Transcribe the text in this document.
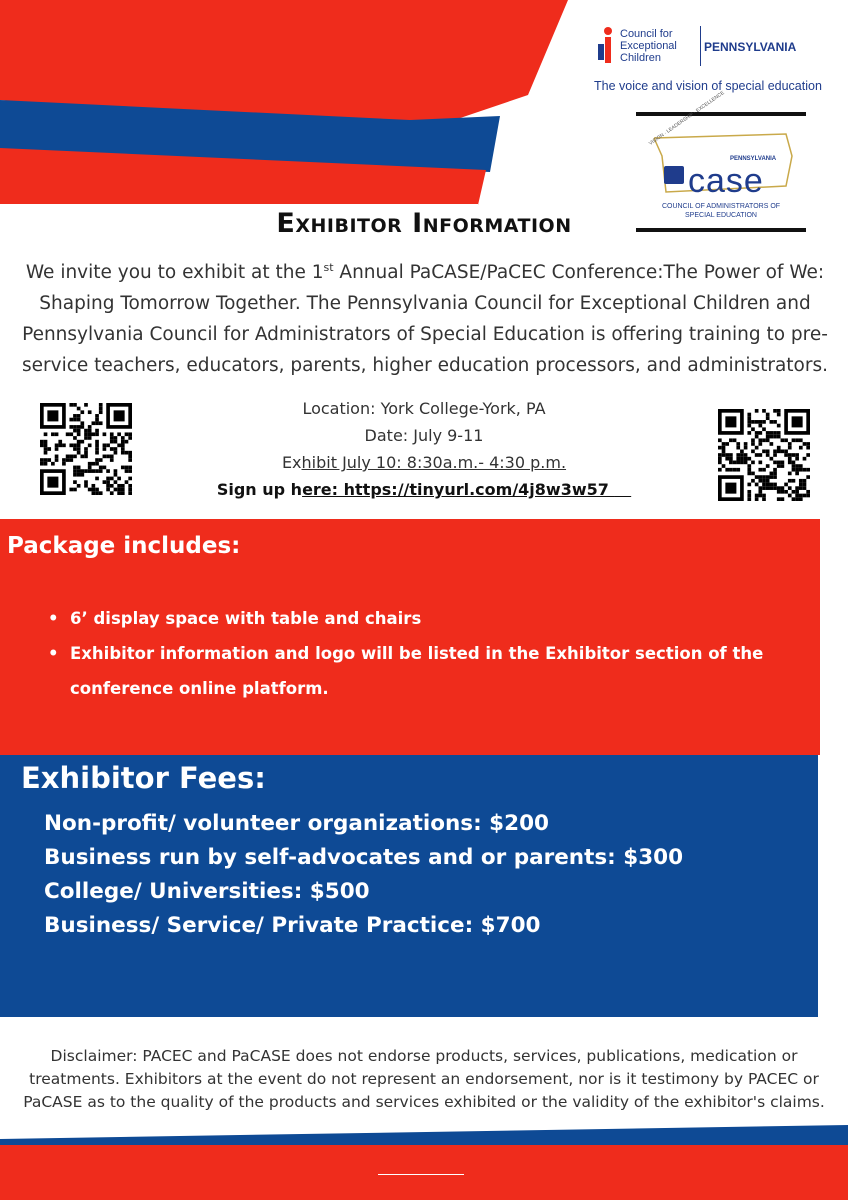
Council for Exceptional Children
PENNSYLVANIA
The voice and vision of special education
VISION · LEADERSHIP · EXCELLENCE
PENNSYLVANIA
case
COUNCIL OF ADMINISTRATORS OF SPECIAL EDUCATION
Exhibitor Information
We invite you to exhibit at the 1st Annual PaCASE/PaCEC Conference:The Power of We: Shaping Tomorrow Together. The Pennsylvania Council for Exceptional Children and Pennsylvania Council for Administrators of Special Education is offering training to pre-service teachers, educators, parents, higher education processors, and administrators.
Location: York College-York, PA
Date: July 9-11
Exhibit July 10: 8:30a.m.- 4:30 p.m.
Sign up here: https://tinyurl.com/4j8w3w57
Package includes:
• 6’ display space with table and chairs
• Exhibitor information and logo will be listed in the Exhibitor section of the conference online platform.
Exhibitor Fees:
Non-profit/ volunteer organizations: $200
Business run by self-advocates and or parents: $300
College/ Universities: $500
Business/ Service/ Private Practice: $700
Disclaimer: PACEC and PaCASE does not endorse products, services, publications, medication or treatments. Exhibitors at the event do not represent an endorsement, nor is it testimony by PACEC or PaCASE as to the quality of the products and services exhibited or the validity of the exhibitor's claims.
